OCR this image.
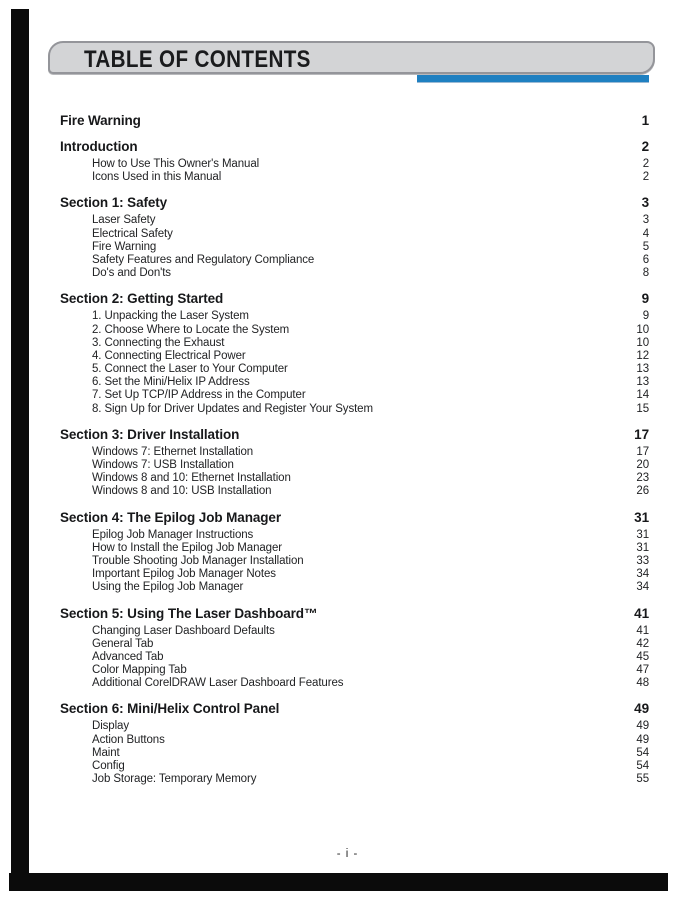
TABLE OF CONTENTS
Fire Warning	1
Introduction	2
How to Use This Owner's Manual	2
Icons Used in this Manual	2
Section 1: Safety	3
Laser Safety	3
Electrical Safety	4
Fire Warning	5
Safety Features and Regulatory Compliance	6
Do's and Don'ts	8
Section 2: Getting Started	9
1. Unpacking the Laser System	9
2. Choose Where to Locate the System	10
3. Connecting the Exhaust	10
4. Connecting Electrical Power	12
5. Connect the Laser to Your Computer	13
6. Set the Mini/Helix IP Address	13
7. Set Up TCP/IP Address in the Computer	14
8. Sign Up for Driver Updates and Register Your System	15
Section 3: Driver Installation	17
Windows 7: Ethernet Installation	17
Windows 7: USB Installation	20
Windows 8 and 10: Ethernet Installation	23
Windows 8 and 10: USB Installation	26
Section 4: The Epilog Job Manager	31
Epilog Job Manager Instructions	31
How to Install the Epilog Job Manager	31
Trouble Shooting Job Manager Installation	33
Important Epilog Job Manager Notes	34
Using the Epilog Job Manager	34
Section 5: Using The Laser Dashboard™	41
Changing Laser Dashboard Defaults	41
General Tab	42
Advanced Tab	45
Color Mapping Tab	47
Additional CorelDRAW Laser Dashboard Features	48
Section 6: Mini/Helix Control Panel	49
Display	49
Action Buttons	49
Maint	54
Config	54
Job Storage: Temporary Memory	55
- i -
